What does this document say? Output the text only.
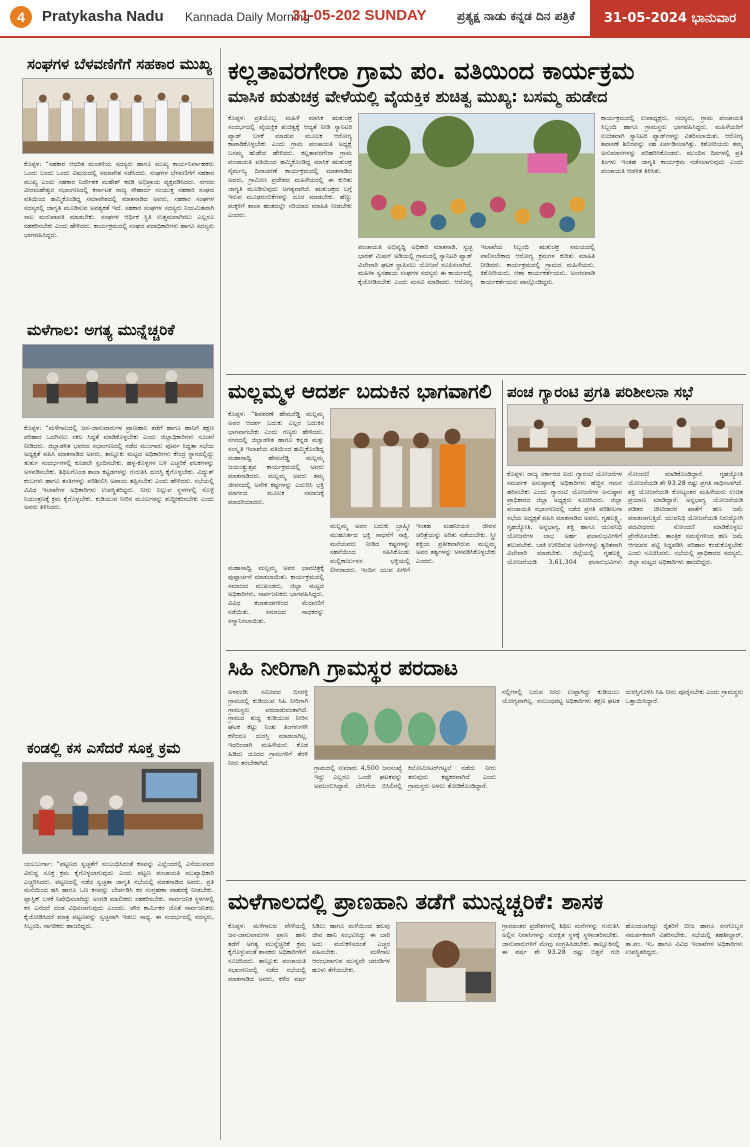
4	Pratykasha Nadu Kannada Daily Morning
31-05-202 SUNDAY	ಪ್ರತ್ಯಕ್ಷ ನಾಡು ಕನ್ನಡ ದಿನ ಪತ್ರಿಕೆ	31-05-2024 ಭಾನುವಾರ
ಸಂಘಗಳ ಬೆಳವಣಿಗೆಗೆ ಸಹಕಾರ ಮುಖ್ಯ
ಕೊಪ್ಪಳ: “ಸಹಕಾರ ಆಧರಿತ ಮಂಡಳಿಯ ಸದಸ್ಯರು ಹಾಗೂ ಮುಖ್ಯ ಕಾರ್ಯನಿರ್ವಾಹಕರು ಒಂದು ಬಂದು ಒಂದು ವಿಷಯದಲ್ಲಿ ಸಮಾವೇಶ ನಡೆಸಿದರು. ಸಂಘಗಳ ಬೆಳವಣಿಗೆಗೆ ಸಹಕಾರ ಮುಖ್ಯ ಎಂದು ಸಹಕಾರ ನಿರ್ದೇಶಕ ಮಹೇಶ್ ಕರಡಿ ಅಭಿಪ್ರಾಯ ವ್ಯಕ್ತಪಡಿಸಿದರು. ನಗರದ ವೀರಮಹೇಶ್ವರ ಸಭಾಂಗಣದಲ್ಲಿ ಕರ್ನಾಟಕ ರಾಜ್ಯ ಸೌಹಾರ್ದ ಸಂಯುಕ್ತ ಸಹಕಾರಿ ಸಂಘದ ವತಿಯಿಂದ ಹಮ್ಮಿಕೊಂಡಿದ್ದ ಸಮಾವೇಶದಲ್ಲಿ ಮಾತನಾಡಿದ ಅವರು, ಸಹಕಾರ ಸಂಘಗಳ ಸದಸ್ಯರಲ್ಲಿ ಜಾಗೃತಿ ಮೂಡಿಸುವ ಅವಶ್ಯಕತೆ ಇದೆ. ಸಹಕಾರ ಸಂಘಗಳ ಸದಸ್ಯರು ನಿಯಮಿತವಾಗಿ ಸಾಲ ಮರುಪಾವತಿ ಮಾಡಬೇಕು. ಸಂಘಗಳ ಆರ್ಥಿಕ ಸ್ಥಿತಿ ಉತ್ತಮವಾಗಿರಲು ಎಲ್ಲರೂ ಸಹಕರಿಸಬೇಕು ಎಂದು ಹೇಳಿದರು. ಕಾರ್ಯಕ್ರಮದಲ್ಲಿ ಸಂಘದ ಪದಾಧಿಕಾರಿಗಳು ಹಾಗೂ ಸದಸ್ಯರು ಭಾಗವಹಿಸಿದ್ದರು.
ಮಳೆಗಾಲ: ಅಗತ್ಯ ಮುನ್ನೆಚ್ಚರಿಕೆ
ಕೊಪ್ಪಳ: “ಮಳೆಗಾಲದಲ್ಲಿ ಜನ-ಜಾನುವಾರುಗಳ ಪ್ರಾಣಹಾನಿ ತಡೆಗೆ ಹಾಗೂ ಹಾನಿಗೆ ತಕ್ಷಣ ಪರಿಹಾರ ಒದಗಿಸಲು ಸಕಲ ಸಿದ್ಧತೆ ಮಾಡಿಕೊಳ್ಳಬೇಕು ಎಂದು ಜಿಲ್ಲಾಧಿಕಾರಿಗಳು ಸೂಚನೆ ನೀಡಿದರು. ಜಿಲ್ಲಾಡಳಿತ ಭವನದ ಸಭಾಂಗಣದಲ್ಲಿ ನಡೆದ ಮುಂಗಾರು ಪೂರ್ವ ಸಿದ್ಧತಾ ಸಭೆಯ ಅಧ್ಯಕ್ಷತೆ ವಹಿಸಿ ಮಾತನಾಡಿದ ಅವರು, ತಾಲ್ಲೂಕು ಮಟ್ಟದ ಅಧಿಕಾರಿಗಳು ಕೇಂದ್ರ ಸ್ಥಾನದಲ್ಲಿದ್ದು ತುರ್ತು ಸಂದರ್ಭಗಳಲ್ಲಿ ಕೂಡಲೇ ಸ್ಪಂದಿಸಬೇಕು. ಹಳ್ಳ-ಕೊಳ್ಳಗಳ ಬಳಿ ಎಚ್ಚರಿಕೆ ಫಲಕಗಳನ್ನು ಅಳವಡಿಸಬೇಕು. ಶಿಥಿಲಗೊಂಡ ಶಾಲಾ ಕಟ್ಟಡಗಳನ್ನು ಗುರುತಿಸಿ ದುರಸ್ತಿ ಕೈಗೊಳ್ಳಬೇಕು. ವಿದ್ಯುತ್ ಕಂಬಗಳು ಹಾಗೂ ತಂತಿಗಳನ್ನು ಪರಿಶೀಲಿಸಿ ಅಪಾಯ ತಪ್ಪಿಸಬೇಕು ಎಂದು ಹೇಳಿದರು. ಸಭೆಯಲ್ಲಿ ವಿವಿಧ ಇಲಾಖೆಗಳ ಅಧಿಕಾರಿಗಳು ಉಪಸ್ಥಿತರಿದ್ದರು. ನೀರು ನಿಲ್ಲುವ ಸ್ಥಳಗಳಲ್ಲಿ ಸೊಳ್ಳೆ ನಿಯಂತ್ರಣಕ್ಕೆ ಕ್ರಮ ಕೈಗೊಳ್ಳಬೇಕು. ಕುಡಿಯುವ ನೀರಿನ ಮೂಲಗಳನ್ನು ಶುದ್ಧೀಕರಿಸಬೇಕು ಎಂದು ಅವರು ತಿಳಿಸಿದರು.
ಕಂಡಲ್ಲಿ ಕಸ ಎಸೆದರೆ ಸೂಕ್ತ ಕ್ರಮ
ಯಲಬುರ್ಗಾ: “ಪಟ್ಟಣದ ಸ್ವಚ್ಛತೆಗೆ ಸಂಬಂಧಿಸಿದಂತೆ ಕಸವನ್ನು ಎಲ್ಲೆಂದರಲ್ಲಿ ಎಸೆಯುವವರ ವಿರುದ್ಧ ಸೂಕ್ತ ಕ್ರಮ ಕೈಗೊಳ್ಳಲಾಗುವುದು ಎಂದು ಪಟ್ಟಣ ಪಂಚಾಯತಿ ಮುಖ್ಯಾಧಿಕಾರಿ ಎಚ್ಚರಿಸಿದರು. ಪಟ್ಟಣದಲ್ಲಿ ನಡೆದ ಸ್ವಚ್ಛತಾ ಜಾಗೃತಿ ಸಭೆಯಲ್ಲಿ ಮಾತನಾಡಿದ ಅವರು, ಪ್ರತಿ ಮನೆಯಿಂದ ಹಸಿ ಹಾಗೂ ಒಣ ಕಸವನ್ನು ಬೇರ್ಪಡಿಸಿ ಕಸ ಸಂಗ್ರಹಣಾ ವಾಹನಕ್ಕೆ ನೀಡಬೇಕು. ಪ್ಲಾಸ್ಟಿಕ್ ಬಳಕೆ ನಿಷೇಧಿಸಲಾಗಿದ್ದು ಅಂಗಡಿ ಮಾಲೀಕರು ಸಹಕರಿಸಬೇಕು. ಸಾರ್ವಜನಿಕ ಸ್ಥಳಗಳಲ್ಲಿ ಕಸ ಎಸೆದರೆ ದಂಡ ವಿಧಿಸಲಾಗುವುದು ಎಂದರು. ಪೌರ ಕಾರ್ಮಿಕರ ಜೊತೆ ಸಾರ್ವಜನಿಕರು ಕೈಜೋಡಿಸಿದರೆ ಮಾತ್ರ ಪಟ್ಟಣವನ್ನು ಸ್ವಚ್ಛವಾಗಿ ಇಡಲು ಸಾಧ್ಯ. ಈ ಸಂದರ್ಭದಲ್ಲಿ ಸದಸ್ಯರು, ಸಿಬ್ಬಂದಿ, ನಾಗರಿಕರು ಹಾಜರಿದ್ದರು.
ಕಲ್ಲತಾವರಗೇರಾ ಗ್ರಾಮ ಪಂ. ವತಿಯಿಂದ ಕಾರ್ಯಕ್ರಮ
ಮಾಸಿಕ ಋತುಚಕ್ರ ವೇಳೆಯಲ್ಲಿ ವೈಯಕ್ತಿಕ ಶುಚಿತ್ವ ಮುಖ್ಯ: ಬಸಮ್ಮ ಹುಡೇದ
ಕೊಪ್ಪಳ: ಪ್ರತಿಯೊಬ್ಬ ಮಹಿಳೆ ಮಾಸಿಕ ಋತುಚಕ್ರ ಸಂದರ್ಭದಲ್ಲಿ ವೈಯಕ್ತಿಕ ಶುಚಿತ್ವಕ್ಕೆ ಆದ್ಯತೆ ನೀಡಿ ಸ್ಯಾನಿಟರಿ ಪ್ಯಾಡ್ ಬಳಕೆ ಮಾಡುವ ಮೂಲಕ ಆರೋಗ್ಯ ಕಾಪಾಡಿಕೊಳ್ಳಬೇಕು ಎಂದು ಗ್ರಾಮ ಪಂಚಾಯತಿ ಅಧ್ಯಕ್ಷೆ ಬಸಮ್ಮ ಹುಡೇದ ಹೇಳಿದರು. ಕಲ್ಲತಾವರಗೇರಾ ಗ್ರಾಮ ಪಂಚಾಯತಿ ವತಿಯಿಂದ ಹಮ್ಮಿಕೊಂಡಿದ್ದ ಮಾಸಿಕ ಋತುಚಕ್ರ ನೈರ್ಮಲ್ಯ ದಿನಾಚರಣೆ ಕಾರ್ಯಕ್ರಮದಲ್ಲಿ ಮಾತನಾಡಿದ ಅವರು, ಗ್ರಾಮೀಣ ಪ್ರದೇಶದ ಮಹಿಳೆಯರಲ್ಲಿ ಈ ಕುರಿತು ಜಾಗೃತಿ ಮೂಡಿಸುವುದು ಅಗತ್ಯವಾಗಿದೆ. ಋತುಚಕ್ರದ ಬಗ್ಗೆ ಇರುವ ಮೂಢನಂಬಿಕೆಗಳನ್ನು ದೂರ ಮಾಡಬೇಕು. ಹೆಣ್ಣು ಮಕ್ಕಳಿಗೆ ಶಾಲಾ ಹಂತದಲ್ಲೇ ಸರಿಯಾದ ಮಾಹಿತಿ ನೀಡಬೇಕು ಎಂದರು.
ಪಂಚಾಯತಿ ಅಭಿವೃದ್ಧಿ ಅಧಿಕಾರಿ ಮಾತನಾಡಿ, ಸ್ವಚ್ಛ ಭಾರತ್ ಮಿಷನ್ ಅಡಿಯಲ್ಲಿ ಗ್ರಾಮದಲ್ಲಿ ಸ್ಯಾನಿಟರಿ ಪ್ಯಾಡ್ ವಿಲೇವಾರಿ ಘಟಕ ಸ್ಥಾಪಿಸಲು ಯೋಜನೆ ರೂಪಿಸಲಾಗಿದೆ. ಮಹಿಳಾ ಸ್ವಸಹಾಯ ಸಂಘಗಳ ಸದಸ್ಯರು ಈ ಕಾರ್ಯದಲ್ಲಿ ಕೈಜೋಡಿಸಬೇಕು ಎಂದು ಮನವಿ ಮಾಡಿದರು. ಆರೋಗ್ಯ ಇಲಾಖೆಯ ಸಿಬ್ಬಂದಿ ಋತುಚಕ್ರ ಸಮಯದಲ್ಲಿ ಪಾಲಿಸಬೇಕಾದ ಆರೋಗ್ಯ ಕ್ರಮಗಳ ಕುರಿತು ಮಾಹಿತಿ ನೀಡಿದರು. ಕಾರ್ಯಕ್ರಮದಲ್ಲಿ ಗ್ರಾಮದ ಮಹಿಳೆಯರು, ಕಿಶೋರಿಯರು, ಆಶಾ ಕಾರ್ಯಕರ್ತೆಯರು, ಅಂಗನವಾಡಿ ಕಾರ್ಯಕರ್ತೆಯರು ಪಾಲ್ಗೊಂಡಿದ್ದರು.
ಕಾರ್ಯಕ್ರಮದಲ್ಲಿ ಉಪಾಧ್ಯಕ್ಷರು, ಸದಸ್ಯರು, ಗ್ರಾಮ ಪಂಚಾಯತಿ ಸಿಬ್ಬಂದಿ ಹಾಗೂ ಗ್ರಾಮಸ್ಥರು ಭಾಗವಹಿಸಿದ್ದರು. ಮಹಿಳೆಯರಿಗೆ ಉಚಿತವಾಗಿ ಸ್ಯಾನಿಟರಿ ಪ್ಯಾಡ್‌ಗಳನ್ನು ವಿತರಿಸಲಾಯಿತು. ಆರೋಗ್ಯ ತಪಾಸಣೆ ಶಿಬಿರವನ್ನು ಸಹ ಏರ್ಪಡಿಸಲಾಗಿತ್ತು. ಕಿಶೋರಿಯರು ತಮ್ಮ ಅನುಮಾನಗಳನ್ನು ಪರಿಹರಿಸಿಕೊಂಡರು. ಮುಂದಿನ ದಿನಗಳಲ್ಲಿ ಪ್ರತಿ ತಿಂಗಳು ಇಂತಹ ಜಾಗೃತಿ ಕಾರ್ಯಕ್ರಮ ನಡೆಸಲಾಗುವುದು ಎಂದು ಪಂಚಾಯತಿ ಆಡಳಿತ ತಿಳಿಸಿತು.
ಮಲ್ಲಮ್ಮಳ ಆದರ್ಶ ಬದುಕಿನ ಭಾಗವಾಗಲಿ
ಕೊಪ್ಪಳ: “ಶಿವಶರಣೆ ಹೇಮರೆಡ್ಡಿ ಮಲ್ಲಮ್ಮ ಅವರ ಆದರ್ಶ ಬದುಕು ಎಲ್ಲರ ಬದುಕಿನ ಭಾಗವಾಗಬೇಕು ಎಂದು ಗಣ್ಯರು ಹೇಳಿದರು. ನಗರದಲ್ಲಿ ಜಿಲ್ಲಾಡಳಿತ ಹಾಗೂ ಕನ್ನಡ ಮತ್ತು ಸಂಸ್ಕೃತಿ ಇಲಾಖೆಯ ವತಿಯಿಂದ ಹಮ್ಮಿಕೊಂಡಿದ್ದ ಮಹಾಸಾಧ್ವಿ ಹೇಮರೆಡ್ಡಿ ಮಲ್ಲಮ್ಮ ಜಯಂತ್ಯುತ್ಸವ ಕಾರ್ಯಕ್ರಮದಲ್ಲಿ ಅವರು ಮಾತನಾಡಿದರು. ಮಲ್ಲಮ್ಮ ಅವರು ತಮ್ಮ ಜೀವನದಲ್ಲಿ ಅನೇಕ ಕಷ್ಟಗಳನ್ನು ಎದುರಿಸಿ ಭಕ್ತಿ ಮಾರ್ಗದ ಮೂಲಕ ಸಮಾಜಕ್ಕೆ ಮಾದರಿಯಾದರು.
ಮಲ್ಲಮ್ಮ ಅವರ ಬದುಕು ಬ್ರಾಹ್ಮೀ ಮುಹೂರ್ತದ ಭಕ್ತಿ ಸಾಧನೆಗೆ ಸಾಕ್ಷಿ. ಮನೆಯವರು ನೀಡಿದ ಕಷ್ಟಗಳನ್ನು ಸಹನೆಯಿಂದ ಸಹಿಸಿಕೊಂಡು ಮಲ್ಲಿಕಾರ್ಜುನನ ಭಕ್ತಿಯಲ್ಲಿ ಲೀನರಾದರು. ಇಂದಿನ ಯುವ ಪೀಳಿಗೆ ಇಂತಹ ಮಹನೀಯರ ಜೀವನ ಚರಿತ್ರೆಯನ್ನು ಅರಿತು ನಡೆಯಬೇಕು. ಸ್ತ್ರೀ ಶಕ್ತಿಯ ಪ್ರತೀಕವಾಗಿರುವ ಮಲ್ಲಮ್ಮ ಅವರ ತತ್ವಗಳನ್ನು ಅಳವಡಿಸಿಕೊಳ್ಳಬೇಕು ಎಂದರು.
ಮಹಾಸಾಧ್ವಿ ಮಲ್ಲಮ್ಮ ಅವರ ಭಾವಚಿತ್ರಕ್ಕೆ ಪುಷ್ಪಾರ್ಚನೆ ಮಾಡಲಾಯಿತು. ಕಾರ್ಯಕ್ರಮದಲ್ಲಿ ಸಮಾಜದ ಮುಖಂಡರು, ಜಿಲ್ಲಾ ಮಟ್ಟದ ಅಧಿಕಾರಿಗಳು, ಸಾರ್ವಜನಿಕರು ಭಾಗವಹಿಸಿದ್ದರು. ವಿವಿಧ ಕಲಾತಂಡಗಳಿಂದ ಮೆರವಣಿಗೆ ನಡೆಯಿತು. ಸಮಾಜದ ಸಾಧಕರನ್ನು ಸನ್ಮಾನಿಸಲಾಯಿತು.
ಪಂಚ ಗ್ಯಾರಂಟಿ ಪ್ರಗತಿ ಪರಿಶೀಲನಾ ಸಭೆ
ಕೊಪ್ಪಳ: ರಾಜ್ಯ ಸರ್ಕಾರದ ಐದು ಗ್ಯಾರಂಟಿ ಯೋಜನೆಗಳ ಸಮರ್ಪಕ ಅನುಷ್ಠಾನಕ್ಕೆ ಅಧಿಕಾರಿಗಳು ಹೆಚ್ಚಿನ ಗಮನ ಹರಿಸಬೇಕು ಎಂದು ಗ್ಯಾರಂಟಿ ಯೋಜನೆಗಳ ಅನುಷ್ಠಾನ ಪ್ರಾಧಿಕಾರದ ಜಿಲ್ಲಾ ಅಧ್ಯಕ್ಷರು ಸೂಚಿಸಿದರು. ಜಿಲ್ಲಾ ಪಂಚಾಯತಿ ಸಭಾಂಗಣದಲ್ಲಿ ನಡೆದ ಪ್ರಗತಿ ಪರಿಶೀಲನಾ ಸಭೆಯ ಅಧ್ಯಕ್ಷತೆ ವಹಿಸಿ ಮಾತನಾಡಿದ ಅವರು, ಗೃಹಲಕ್ಷ್ಮಿ, ಗೃಹಜ್ಯೋತಿ, ಅನ್ನಭಾಗ್ಯ, ಶಕ್ತಿ ಹಾಗೂ ಯುವನಿಧಿ ಯೋಜನೆಗಳ ಲಾಭ ಅರ್ಹ ಫಲಾನುಭವಿಗಳಿಗೆ ತಲುಪಬೇಕು. ಬಾಕಿ ಉಳಿದಿರುವ ಅರ್ಜಿಗಳನ್ನು ತ್ವರಿತವಾಗಿ ವಿಲೇವಾರಿ ಮಾಡಬೇಕು. ಜಿಲ್ಲೆಯಲ್ಲಿ ಗೃಹಲಕ್ಷ್ಮಿ ಯೋಜನೆಯಡಿ 3,61,304 ಫಲಾನುಭವಿಗಳು ನೋಂದಣಿ ಮಾಡಿಕೊಂಡಿದ್ದಾರೆ. ಗೃಹಜ್ಯೋತಿ ಯೋಜನೆಯಡಿ ಶೇ 93.28 ರಷ್ಟು ಪ್ರಗತಿ ಸಾಧಿಸಲಾಗಿದೆ. ಶಕ್ತಿ ಯೋಜನೆಯಡಿ ಕೋಟ್ಯಂತರ ಮಹಿಳೆಯರು ಉಚಿತ ಪ್ರಯಾಣ ಮಾಡಿದ್ದಾರೆ. ಅನ್ನಭಾಗ್ಯ ಯೋಜನೆಯಡಿ ಪಡಿತರ ಚೀಟಿದಾರರ ಖಾತೆಗೆ ಹಣ ಜಮೆ ಮಾಡಲಾಗುತ್ತಿದೆ. ಯುವನಿಧಿ ಯೋಜನೆಯಡಿ ನಿರುದ್ಯೋಗಿ ಪದವೀಧರರು ನೋಂದಣಿ ಮಾಡಿಕೊಳ್ಳಲು ಪ್ರೇರೇಪಿಸಬೇಕು. ತಾಂತ್ರಿಕ ಸಮಸ್ಯೆಗಳಿಂದ ಹಣ ಜಮೆ ಆಗದವರ ಪಟ್ಟಿ ಸಿದ್ಧಪಡಿಸಿ ಪರಿಹಾರ ಕಂಡುಕೊಳ್ಳಬೇಕು ಎಂದು ಸೂಚಿಸಿದರು. ಸಭೆಯಲ್ಲಿ ಪ್ರಾಧಿಕಾರದ ಸದಸ್ಯರು, ಜಿಲ್ಲಾ ಮಟ್ಟದ ಅಧಿಕಾರಿಗಳು ಹಾಜರಿದ್ದರು.
ಸಿಹಿ ನೀರಿಗಾಗಿ ಗ್ರಾಮಸ್ಥರ ಪರದಾಟ
ಅಳವಂಡಿ: ಸಮೀಪದ ಬಿಸರಳ್ಳಿ ಗ್ರಾಮದಲ್ಲಿ ಕುಡಿಯುವ ಸಿಹಿ ನೀರಿಗಾಗಿ ಗ್ರಾಮಸ್ಥರು ಪರದಾಡುವಂತಾಗಿದೆ. ಗ್ರಾಮದ ಶುದ್ಧ ಕುಡಿಯುವ ನೀರಿನ ಘಟಕ ಕೆಟ್ಟು ನಿಂತು ತಿಂಗಳುಗಳೇ ಕಳೆದರೂ ದುರಸ್ತಿ ಮಾಡಲಾಗಿಲ್ಲ. ಇದರಿಂದಾಗಿ ಮಹಿಳೆಯರು ಕೊಡ ಹಿಡಿದು ದೂರದ ಗ್ರಾಮಗಳಿಗೆ ತೆರಳಿ ನೀರು ತರಬೇಕಾಗಿದೆ.
ಗ್ರಾಮದಲ್ಲಿ ಸುಮಾರು 4,500 ಜನಸಂಖ್ಯೆ ಇದ್ದು ಎಲ್ಲರೂ ಒಂದೇ ಘಟಕವನ್ನು ಅವಲಂಬಿಸಿದ್ದಾರೆ. ಬೇಸಿಗೆಯ ಬಿಸಿಲಿನಲ್ಲಿ ಕಿಲೋಮೀಟರ್‌ಗಟ್ಟಲೆ ನಡೆದು ನೀರು ತರುವುದು ಕಷ್ಟಕರವಾಗಿದೆ ಎಂದು ಗ್ರಾಮಸ್ಥರು ಅಳಲು ತೋಡಿಕೊಂಡಿದ್ದಾರೆ.
ನಲ್ಲಿಗಳಲ್ಲಿ ಬರುವ ನೀರು ಉಪ್ಪಾಗಿದ್ದು ಕುಡಿಯಲು ಯೋಗ್ಯವಾಗಿಲ್ಲ. ಸಂಬಂಧಪಟ್ಟ ಅಧಿಕಾರಿಗಳು ತಕ್ಷಣ ಘಟಕ ದುರಸ್ತಿಗೊಳಿಸಿ ಸಿಹಿ ನೀರು ಪೂರೈಸಬೇಕು ಎಂದು ಗ್ರಾಮಸ್ಥರು ಒತ್ತಾಯಿಸಿದ್ದಾರೆ.
ಮಳೆಗಾಲದಲ್ಲಿ ಪ್ರಾಣಹಾನಿ ತಡೆಗೆ ಮುನ್ನಚ್ಚರಿಕೆ: ಶಾಸಕ
ಕೊಪ್ಪಳ: ಮಳೆಗಾಲದ ವೇಳೆಯಲ್ಲಿ ಜನ-ಜಾನುವಾರುಗಳ ಪ್ರಾಣ ಹಾನಿ ತಡೆಗೆ ಅಗತ್ಯ ಮುನ್ನೆಚ್ಚರಿಕೆ ಕ್ರಮ ಕೈಗೊಳ್ಳುವಂತೆ ಶಾಸಕರು ಅಧಿಕಾರಿಗಳಿಗೆ ಸೂಚಿಸಿದರು. ತಾಲ್ಲೂಕು ಪಂಚಾಯತಿ ಸಭಾಂಗಣದಲ್ಲಿ ನಡೆದ ಸಭೆಯಲ್ಲಿ ಮಾತನಾಡಿದ ಅವರು, ಕಳೆದ ವರ್ಷ ಸಿಡಿಲು ಹಾಗೂ ಮಳೆಯಿಂದ ಹಲವು ಜೀವ ಹಾನಿ ಸಂಭವಿಸಿದ್ದು ಈ ಬಾರಿ ಅದು ಮರುಕಳಿಸದಂತೆ ಎಚ್ಚರ ವಹಿಸಬೇಕು. ಮಳೆಗಾಲ ಆರಂಭವಾಗುವ ಮುನ್ನವೇ ಚರಂಡಿಗಳ ಹೂಳು ತೆಗೆಯಬೇಕು.
ಗ್ರಾಮಾಂತರ ಪ್ರದೇಶಗಳಲ್ಲಿ ಶಿಥಿಲ ಮನೆಗಳನ್ನು ಗುರುತಿಸಿ ಅಲ್ಲಿನ ನಿವಾಸಿಗಳನ್ನು ಸುರಕ್ಷಿತ ಸ್ಥಳಕ್ಕೆ ಸ್ಥಳಾಂತರಿಸಬೇಕು. ಜಾನುವಾರುಗಳಿಗೆ ಮೇವು ಸಂಗ್ರಹಿಸಿಡಬೇಕು. ತಾಲ್ಲೂಕಿನಲ್ಲಿ ಈ ವರ್ಷ ಶೇ 93.28 ರಷ್ಟು ಬಿತ್ತನೆ ಗುರಿ ಹೊಂದಲಾಗಿದ್ದು ರೈತರಿಗೆ ಬೀಜ ಹಾಗೂ ರಸಗೊಬ್ಬರ ಸಮರ್ಪಕವಾಗಿ ವಿತರಿಸಬೇಕು. ಸಭೆಯಲ್ಲಿ ತಹಶೀಲ್ದಾರ್, ತಾ.ಪಂ. ಇಒ ಹಾಗೂ ವಿವಿಧ ಇಲಾಖೆಗಳ ಅಧಿಕಾರಿಗಳು ಉಪಸ್ಥಿತರಿದ್ದರು.
